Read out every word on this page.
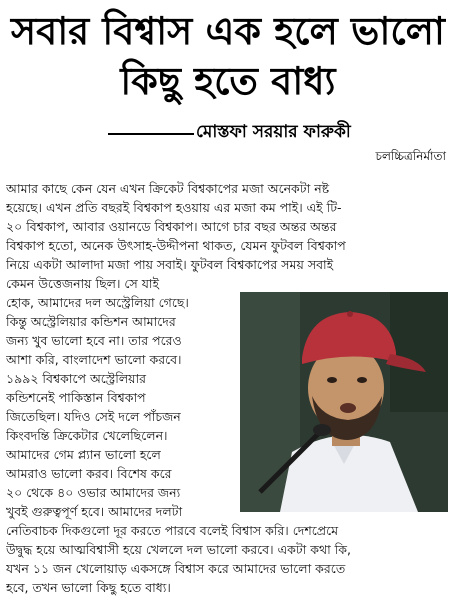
সবার বিশ্বাস এক হলে ভালো
কিছু হতে বাধ্য
মোস্তফা সরয়ার ফারুকী
চলচ্চিত্রনির্মাতা
আমার কাছে কেন যেন এখন ক্রিকেট বিশ্বকাপের মজা অনেকটা নষ্ট
হয়েছে। এখন প্রতি বছরই বিশ্বকাপ হওয়ায় এর মজা কম পাই। এই টি-
২০ বিশ্বকাপ, আবার ওয়ানডে বিশ্বকাপ। আগে চার বছর অন্তর অন্তর
বিশ্বকাপ হতো, অনেক উৎসাহ-উদ্দীপনা থাকত, যেমন ফুটবল বিশ্বকাপ
নিয়ে একটা আলাদা মজা পায় সবাই। ফুটবল বিশ্বকাপের সময় সবাই
কেমন উত্তেজনায় ছিল। সে যাই
হোক, আমাদের দল অস্ট্রেলিয়া গেছে।
কিন্তু অস্ট্রেলিয়ার কন্ডিশন আমাদের
জন্য খুব ভালো হবে না। তার পরেও
আশা করি, বাংলাদেশ ভালো করবে।
১৯৯২ বিশ্বকাপে অস্ট্রেলিয়ার
কন্ডিশনেই পাকিস্তান বিশ্বকাপ
জিতেছিল। যদিও সেই দলে পাঁচজন
কিংবদন্তি ক্রিকেটার খেলেছিলেন।
আমাদের গেম প্ল্যান ভালো হলে
আমরাও ভালো করব। বিশেষ করে
২০ থেকে ৪০ ওভার আমাদের জন্য
খুবই গুরুত্বপূর্ণ হবে। আমাদের দলটা
নেতিবাচক দিকগুলো দূর করতে পারবে বলেই বিশ্বাস করি। দেশপ্রেমে
উদ্বুদ্ধ হয়ে আত্মবিশ্বাসী হয়ে খেললে দল ভালো করবে। একটা কথা কি,
যখন ১১ জন খেলোয়াড় একসঙ্গে বিশ্বাস করে আমাদের ভালো করতে
হবে, তখন ভালো কিছু হতে বাধ্য।
